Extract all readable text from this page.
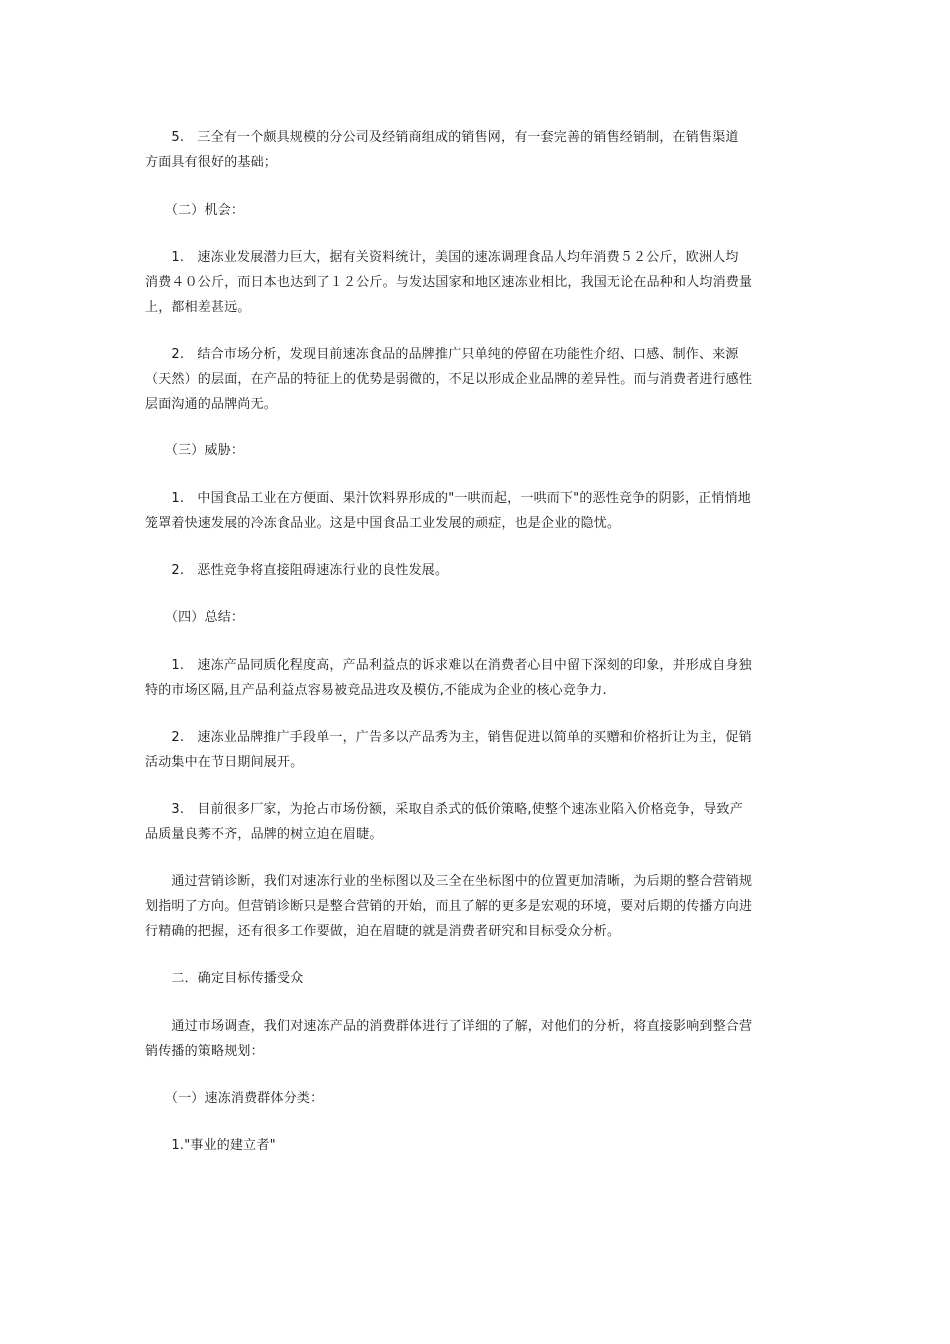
　　5.　三全有一个颇具规模的分公司及经销商组成的销售网，有一套完善的销售经销制，在销售渠道
方面具有很好的基础；

　　（二）机会：

　　1.　速冻业发展潜力巨大，据有关资料统计，美国的速冻调理食品人均年消费５２公斤，欧洲人均
消费４０公斤，而日本也达到了１２公斤。与发达国家和地区速冻业相比，我国无论在品种和人均消费量
上，都相差甚远。

　　2.　结合市场分析，发现目前速冻食品的品牌推广只单纯的停留在功能性介绍、口感、制作、来源
（天然）的层面，在产品的特征上的优势是弱微的，不足以形成企业品牌的差异性。而与消费者进行感性
层面沟通的品牌尚无。

　　（三）威胁：

　　1.　中国食品工业在方便面、果汁饮料界形成的"一哄而起，一哄而下"的恶性竞争的阴影，正悄悄地
笼罩着快速发展的冷冻食品业。这是中国食品工业发展的顽症，也是企业的隐忧。

　　2.　恶性竞争将直接阻碍速冻行业的良性发展。

　　（四）总结：

　　1.　速冻产品同质化程度高，产品利益点的诉求难以在消费者心目中留下深刻的印象，并形成自身独
特的市场区隔,且产品利益点容易被竞品进攻及模仿,不能成为企业的核心竞争力.

　　2.　速冻业品牌推广手段单一，广告多以产品秀为主，销售促进以简单的买赠和价格折让为主，促销
活动集中在节日期间展开。

　　3.　目前很多厂家，为抢占市场份额，采取自杀式的低价策略,使整个速冻业陷入价格竞争，导致产
品质量良莠不齐，品牌的树立迫在眉睫。

　　通过营销诊断，我们对速冻行业的坐标图以及三全在坐标图中的位置更加清晰，为后期的整合营销规
划指明了方向。但营销诊断只是整合营销的开始，而且了解的更多是宏观的环境，要对后期的传播方向进
行精确的把握，还有很多工作要做，迫在眉睫的就是消费者研究和目标受众分析。

　　二．确定目标传播受众

　　通过市场调查，我们对速冻产品的消费群体进行了详细的了解，对他们的分析，将直接影响到整合营
销传播的策略规划：

　　（一）速冻消费群体分类：

　　1."事业的建立者"
